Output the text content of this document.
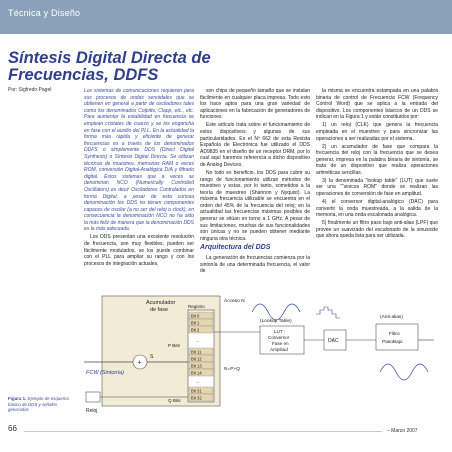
Técnica y Diseño
Síntesis Digital Directa de
Frecuencias, DDFS
Por: Sigfredo Pagel	Los sistemas de comunicaciones requieren para sus procesos de ondas senoidales que se obtienen en general a partir de osciladores tales como los denominados Colpitts, Clapp, etc., etc. Para aumentar la estabilidad en frecuencia se emplean cristales de cuarzo y se los engancha en fase con el auxilio del PLL. En la actualidad la forma más rápida y eficiente de generar frecuencias es a través de los denominados DDFS o simplemente DDS (Direct Digital Synthesis) o Síntesis Digital Directa. Se utilizan técnicas de muestreo, memorias RAM o veces ROM, conversión Digital-Analógica D/A y filtrado digital. Estos sistemas que a veces se denominan NCO (Numerically Controlled Oscillators) es decir Osciladores Controlados en forma Digital, a pesar de esta curiosa denominación los DDS no tienen componentes capaces de oscilar (a no ser del reloj o clock), en consecuencia la denominación NCO no ha sido la más feliz de manera que la denominación DDS es la más adecuada.

Los DDS presentan una excelente resolución de frecuencia, son muy flexibles, pueden ser fácilmente modulados, se los puede combinar con el PLL para ampliar su rango y con los procesos de integración actuales,

son chips de pequeño tamaño que se instalan fácilmente en cualquier placa impresa. Todo esto los hace aptos para una gran variedad de aplicaciones en la fabricación de generadores de funciones.

Este artículo trata sobre el funcionamiento de estos dispositivos y algunas de sus particularidades. En el Nº 662 de esta Revista Española de Electrónica fue utilizado el DDS AD9835 en el diseño de un receptor DRM, por lo cual aquí haremos referencia a dicho dispositivo de Analog Devices.

No todo es beneficio, los DDS para cubrir su rango de funcionamiento utilizan métodos de muestreo y estas, por lo tanto, sometidos a la teoría de muestreo (Shannon y Nyquist). La máxima frecuencia utilizable se encuentra en el orden del 45% de la frecuencia del reloj; en la actualidad las frecuencias máximas posibles de generar se sitúan en torno a 1 GHz. A pesar de sus limitaciones, muchas de sus funcionalidades son únicas y no se pueden obtener mediante ninguna otra técnica.

Arquitectura del DDS

La generación de frecuencias comienza por la sintonía de una determinada frecuencia, el valor de

la misma se encuentra estampada en una palabra binaria de control de Frecuencia FCW (Frequency Control Word) que se aplica a la entrada del dispositivo. Los componentes básicos de un DDS se indican en la Figura 1 y están constituidos por:

1) un reloj (CLK) que genera la frecuencia empleada en el muestreo y para sincronizar las operaciones a ser realizadas por el sistema.

2) un acumulador de fase que compara la frecuencia del reloj con la frecuencia que se desea generar, impresa en la palabra binaria de sintonía, se trata de un dispositivo que realiza operaciones aritméticas sencillas.

3) la denominada "lookup table" (LUT) que suele ser una ""sinicos ROM" donde se realizan las operaciones de conversión de fase en amplitud.

4) el conversor digital-analógico (DAC) para convertir la onda muestreada, a la salida de la memoria, en una onda escalonada analógica.

5) finalmente un filtro paso bajo anti-alias (LPF) que provee un suavizado del escalonado de la sinusoide que ahora queda lista para ser utilizada.

Acumulador
de fase
Registro
Bit 0
Bit 1
Bit 2
...
Bit 11
Bit 12
Bit 13
Bit 14
...
Bit 31
Bit 32
+
S
FCW (Sintonía)
Reloj
P Bits
Q Bits
Acceso N
N=P+Q
(Lookup Table)
LUT :
Conversor
Fase en
Amplitud
DAC
(Anti-alias)
Filtro
PasoBajo
Figura 1. Ejemplo de esquema básico de DDS y señales generadas
66	– Marzo 2007
